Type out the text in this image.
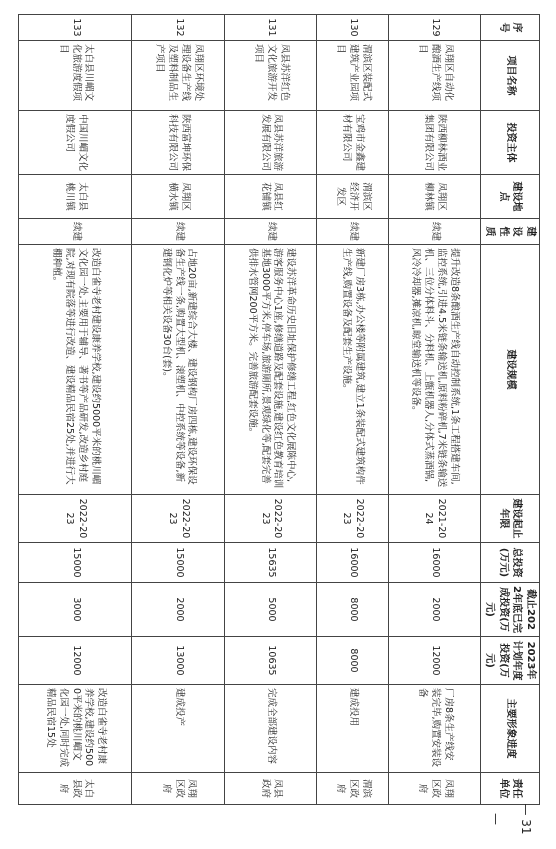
序号	项目名称	投资主体	建设地点	建设性质	建设规模	建设起止年限	总投资(万元)	截止2022年底已完成投资(万元)	2023年计划年度投资(万元)	主要形象进度	责任单位
129	凤翔区自动化酿酒生产线项目	陕西柳林酒业集团有限公司	凤翔区柳林镇	续建	提升改造8条酿酒生产线自动控制系统,1条工程搭建车间,监控系统,引进4.5米链条输送机,原料粉碎机,7米链条输送机、三位分体料斗、分料机、上甑机器人,分体式蒸酒锅,风冷冷却器,摊凉机,晾堂输送机等设备。	2021-2024	16000	2000	12000	厂房8条生产线安装完毕,购置安装设备	凤翔区政府
130	渭滨区装配式建筑产业园项目	宝鸡市金鑫建材有限公司	渭滨区经济开发区	续建	新建厂房3栋,办公楼等附属建筑,建立1条装配式建筑构件生产线,购置设备及配套生产设施。	2022-2023	16000	8000	8000	建成投用	渭滨区政府
131	凤县苏洋红色文化旅游开发项目	凤县苏洋旅游发展有限公司	凤县红花铺镇	续建	建设苏洋革命历史旧址保护修缮工程,红色文化展陈中心,游客服务中心1座,修缮道路及配套设施,建设红色教育培训基地3000平方米,停车场,旅游厕所,景观绿化等,配套完善供排水管网200平方米。完善旅游配套设施。	2022-2023	15635	5000	10635	完成全部建设内容	凤县政府
132	凤翔区环境处理设备生产线及塑料制品生产项目	陕西富坤环保科技有限公司	凤翔区横水镇	续建	占地20亩,新建综合大楼、建设钢构厂房四栋,建设环保设备生产线一条,购置大型机、滚塑机、中控系统等设备,新建钢化炉等相关设备30台(套)。	2022-2023	15000	2000	13000	建成投产	凤翔区政府
133	太白县川嵋文化旅游度假项目	中国川嵋文化度假公司	太白县桃川镇	续建	改造白雀寺老村建设康养学校,建设约5000平米的桃川嵋文化园一处,主要用于辅导、著书等产品研发,改造乡村庭院,对现有院落等进行改造、建设精品民宿25处,并进行大棚种植。	2022-2023	15000	3000	12000	改造白雀寺老村康养学校,建设约5000平米的桃川嵋文化园一处,同时完成精品民宿15处	太白县政府
— 31 —
